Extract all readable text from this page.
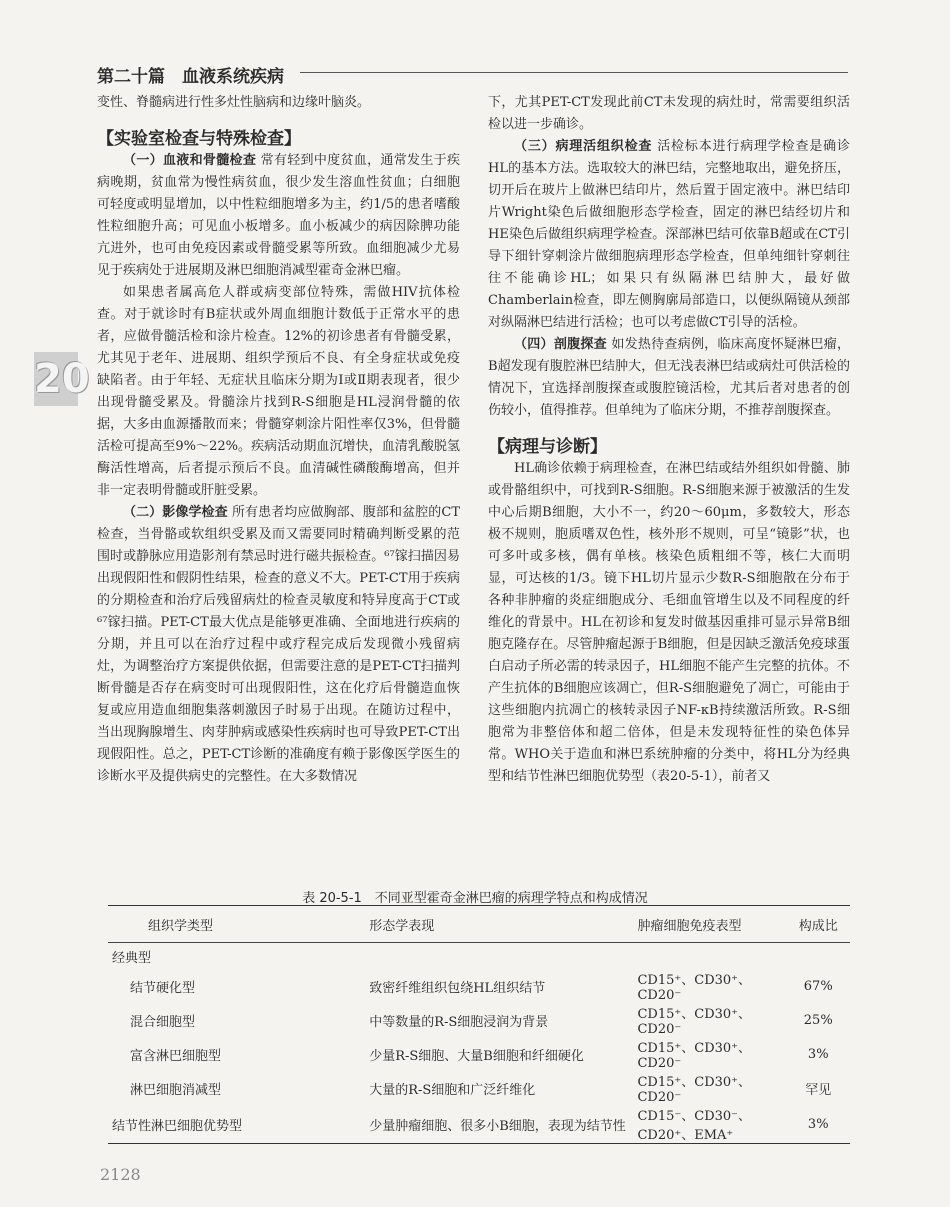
第二十篇　血液系统疾病
20

变性、脊髓病进行性多灶性脑病和边缘叶脑炎。

【实验室检查与特殊检查】

（一）血液和骨髓检查 常有轻到中度贫血，通常发生于疾病晚期，贫血常为慢性病贫血，很少发生溶血性贫血；白细胞可轻度或明显增加，以中性粒细胞增多为主，约1/5的患者嗜酸性粒细胞升高；可见血小板增多。血小板减少的病因除脾功能亢进外，也可由免疫因素或骨髓受累等所致。血细胞减少尤易见于疾病处于进展期及淋巴细胞消减型霍奇金淋巴瘤。

如果患者属高危人群或病变部位特殊，需做HIV抗体检查。对于就诊时有B症状或外周血细胞计数低于正常水平的患者，应做骨髓活检和涂片检查。12%的初诊患者有骨髓受累，尤其见于老年、进展期、组织学预后不良、有全身症状或免疫缺陷者。由于年轻、无症状且临床分期为Ⅰ或Ⅱ期表现者，很少出现骨髓受累及。骨髓涂片找到R-S细胞是HL浸润骨髓的依据，大多由血源播散而来；骨髓穿刺涂片阳性率仅3%，但骨髓活检可提高至9%～22%。疾病活动期血沉增快，血清乳酸脱氢酶活性增高，后者提示预后不良。血清碱性磷酸酶增高，但并非一定表明骨髓或肝脏受累。

（二）影像学检查 所有患者均应做胸部、腹部和盆腔的CT检查，当骨骼或软组织受累及而又需要同时精确判断受累的范围时或静脉应用造影剂有禁忌时进行磁共振检查。⁶⁷镓扫描因易出现假阳性和假阴性结果，检查的意义不大。PET-CT用于疾病的分期检查和治疗后残留病灶的检查灵敏度和特异度高于CT或⁶⁷镓扫描。PET-CT最大优点是能够更准确、全面地进行疾病的分期，并且可以在治疗过程中或疗程完成后发现微小残留病灶，为调整治疗方案提供依据，但需要注意的是PET-CT扫描判断骨髓是否存在病变时可出现假阳性，这在化疗后骨髓造血恢复或应用造血细胞集落刺激因子时易于出现。在随访过程中，当出现胸腺增生、肉芽肿病或感染性疾病时也可导致PET-CT出现假阳性。总之，PET-CT诊断的准确度有赖于影像医学医生的诊断水平及提供病史的完整性。在大多数情况

下，尤其PET-CT发现此前CT未发现的病灶时，常需要组织活检以进一步确诊。

（三）病理活组织检查 活检标本进行病理学检查是确诊HL的基本方法。选取较大的淋巴结，完整地取出，避免挤压，切开后在玻片上做淋巴结印片，然后置于固定液中。淋巴结印片Wright染色后做细胞形态学检查，固定的淋巴结经切片和HE染色后做组织病理学检查。深部淋巴结可依靠B超或在CT引导下细针穿刺涂片做细胞病理形态学检查，但单纯细针穿刺往往不能确诊HL；如果只有纵隔淋巴结肿大，最好做Chamberlain检查，即左侧胸廓局部造口，以便纵隔镜从颈部对纵隔淋巴结进行活检；也可以考虑做CT引导的活检。

（四）剖腹探查 如发热待查病例，临床高度怀疑淋巴瘤，B超发现有腹腔淋巴结肿大，但无浅表淋巴结或病灶可供活检的情况下，宜选择剖腹探查或腹腔镜活检，尤其后者对患者的创伤较小，值得推荐。但单纯为了临床分期，不推荐剖腹探查。

【病理与诊断】

HL确诊依赖于病理检查，在淋巴结或结外组织如骨髓、肺或骨骼组织中，可找到R-S细胞。R-S细胞来源于被激活的生发中心后期B细胞，大小不一，约20～60μm，多数较大，形态极不规则，胞质嗜双色性，核外形不规则，可呈“镜影”状，也可多叶或多核，偶有单核。核染色质粗细不等，核仁大而明显，可达核的1/3。镜下HL切片显示少数R-S细胞散在分布于各种非肿瘤的炎症细胞成分、毛细血管增生以及不同程度的纤维化的背景中。HL在初诊和复发时做基因重排可显示异常B细胞克隆存在。尽管肿瘤起源于B细胞，但是因缺乏激活免疫球蛋白启动子所必需的转录因子，HL细胞不能产生完整的抗体。不产生抗体的B细胞应该凋亡，但R-S细胞避免了凋亡，可能由于这些细胞内抗凋亡的核转录因子NF-κB持续激活所致。R-S细胞常为非整倍体和超二倍体，但是未发现特征性的染色体异常。WHO关于造血和淋巴系统肿瘤的分类中，将HL分为经典型和结节性淋巴细胞优势型（表20-5-1），前者又

表 20-5-1　不同亚型霍奇金淋巴瘤的病理学特点和构成情况
组织学类型	形态学表现	肿瘤细胞免疫表型	构成比
经典型			
结节硬化型	致密纤维组织包绕HL组织结节	CD15⁺、CD30⁺、CD20⁻	67%
混合细胞型	中等数量的R-S细胞浸润为背景	CD15⁺、CD30⁺、CD20⁻	25%
富含淋巴细胞型	少量R-S细胞、大量B细胞和纤细硬化	CD15⁺、CD30⁺、CD20⁻	3%
淋巴细胞消减型	大量的R-S细胞和广泛纤维化	CD15⁺、CD30⁺、CD20⁻	罕见
结节性淋巴细胞优势型	少量肿瘤细胞、很多小B细胞，表现为结节性	CD15⁻、CD30⁻、CD20⁺、EMA⁺	3%
2128
